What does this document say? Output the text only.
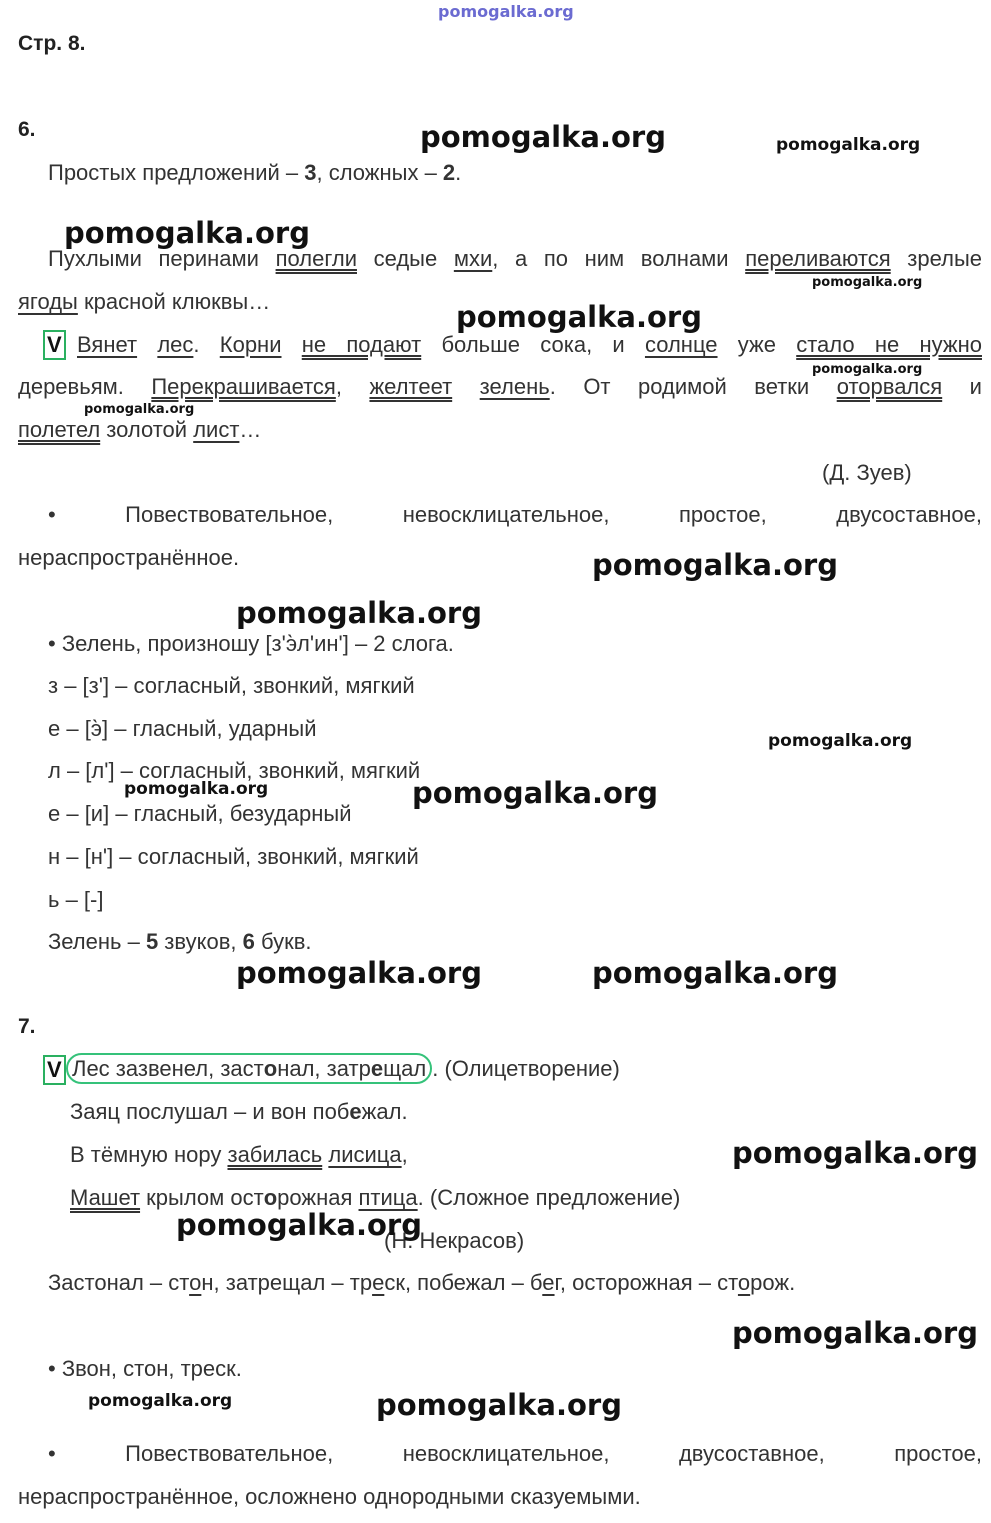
pomogalka.org
Стр. 8.
6.
Простых предложений – 3, сложных – 2.
Пухлыми перинами полегли седые мхи, а по ним волнами переливаются зрелые
ягоды красной клюквы…
V Вянет лес. Корни не подают больше сока, и солнце уже стало не нужно
деревьям. Перекрашивается, желтеет зелень. От родимой ветки оторвался и
полетел золотой лист…
(Д. Зуев)
• Повествовательное, невосклицательное, простое, двусоставное,
нераспространённое.
• Зелень, произношу [з'э̀л'ин'] – 2 слога.
з – [з'] – согласный, звонкий, мягкий
е – [э̀] – гласный, ударный
л – [л'] – согласный, звонкий, мягкий
е – [и] – гласный, безударный
н – [н'] – согласный, звонкий, мягкий
ь – [-]
Зелень – 5 звуков, 6 букв.
7.
V Лес зазвенел, застонал, затрещал . (Олицетворение)
Заяц послушал – и вон побежал.
В тёмную нору забилась лисица,
Машет крылом осторожная птица. (Сложное предложение)
(Н. Некрасов)
Застонал – стон, затрещал – треск, побежал – бег, осторожная – сторож.
• Звон, стон, треск.
• Повествовательное, невосклицательное, двусоставное, простое,
нераспространённое, осложнено однородными сказуемыми.
pomogalka.org	pomogalka.org
pomogalka.org
pomogalka.org
pomogalka.org
pomogalka.org
pomogalka.org
pomogalka.org
pomogalka.org
pomogalka.org
pomogalka.org	pomogalka.org
pomogalka.org	pomogalka.org
pomogalka.org
pomogalka.org
pomogalka.org
pomogalka.org	pomogalka.org
